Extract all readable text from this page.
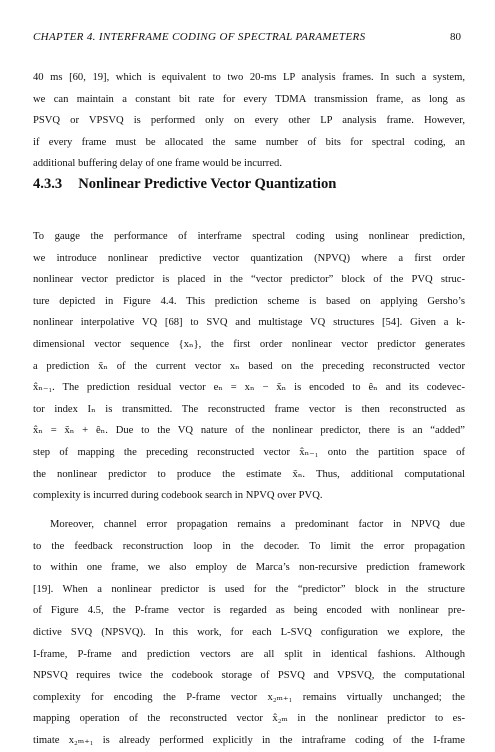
CHAPTER 4. INTERFRAME CODING OF SPECTRAL PARAMETERS	80
40 ms [60, 19], which is equivalent to two 20-ms LP analysis frames. In such a system,
we can maintain a constant bit rate for every TDMA transmission frame, as long as
PSVQ or VPSVQ is performed only on every other LP analysis frame. However,
if every frame must be allocated the same number of bits for spectral coding, an
additional buffering delay of one frame would be incurred.
4.3.3 Nonlinear Predictive Vector Quantization
To gauge the performance of interframe spectral coding using nonlinear prediction,
we introduce nonlinear predictive vector quantization (NPVQ) where a first order
nonlinear vector predictor is placed in the “vector predictor” block of the PVQ struc-
ture depicted in Figure 4.4. This prediction scheme is based on applying Gersho’s
nonlinear interpolative VQ [68] to SVQ and multistage VQ structures [54]. Given a k-
dimensional vector sequence {xₙ}, the first order nonlinear vector predictor generates
a prediction x̃ₙ of the current vector xₙ based on the preceding reconstructed vector
x̂ₙ₋₁. The prediction residual vector eₙ = xₙ − x̃ₙ is encoded to êₙ and its codevec-
tor index Iₙ is transmitted. The reconstructed frame vector is then reconstructed as
x̂ₙ = x̃ₙ + êₙ. Due to the VQ nature of the nonlinear predictor, there is an “added”
step of mapping the preceding reconstructed vector x̂ₙ₋₁ onto the partition space of
the nonlinear predictor to produce the estimate x̃ₙ. Thus, additional computational
complexity is incurred during codebook search in NPVQ over PVQ.
Moreover, channel error propagation remains a predominant factor in NPVQ due
to the feedback reconstruction loop in the decoder. To limit the error propagation
to within one frame, we also employ de Marca’s non-recursive prediction framework
[19]. When a nonlinear predictor is used for the “predictor” block in the structure
of Figure 4.5, the P-frame vector is regarded as being encoded with nonlinear pre-
dictive SVQ (NPSVQ). In this work, for each L-SVQ configuration we explore, the
I-frame, P-frame and prediction vectors are all split in identical fashions. Although
NPSVQ requires twice the codebook storage of PSVQ and VPSVQ, the computational
complexity for encoding the P-frame vector x₂ₘ₊₁ remains virtually unchanged; the
mapping operation of the reconstructed vector x̂₂ₘ in the nonlinear predictor to es-
timate x₂ₘ₊₁ is already performed explicitly in the intraframe coding of the I-frame
